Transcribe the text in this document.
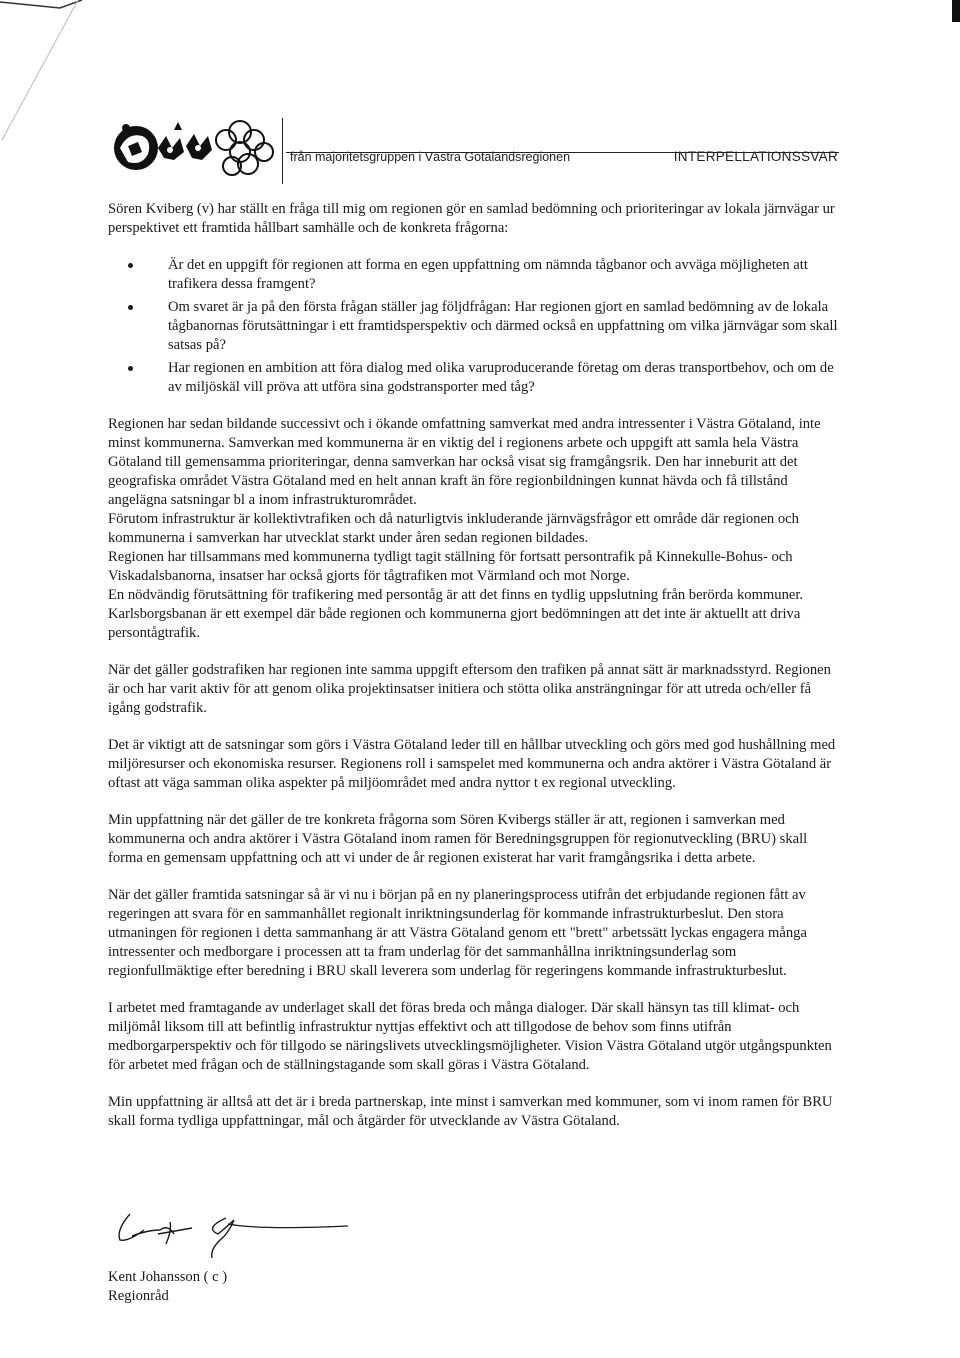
från majoritetsgruppen i Västra Götalandsregionen	INTERPELLATIONSSVAR

Sören Kviberg (v) har ställt en fråga till mig om regionen gör en samlad bedömning och prioriteringar av lokala järnvägar ur perspektivet ett framtida hållbart samhälle och de konkreta frågorna:

Är det en uppgift för regionen att forma en egen uppfattning om nämnda tågbanor och avväga möjligheten att trafikera dessa framgent?
Om svaret är ja på den första frågan ställer jag följdfrågan: Har regionen gjort en samlad bedömning av de lokala tågbanornas förutsättningar i ett framtidsperspektiv och därmed också en uppfattning om vilka järnvägar som skall satsas på?
Har regionen en ambition att föra dialog med olika varuproducerande företag om deras transportbehov, och om de av miljöskäl vill pröva att utföra sina godstransporter med tåg?

Regionen har sedan bildande successivt och i ökande omfattning samverkat med andra intressenter i Västra Götaland, inte minst kommunerna. Samverkan med kommunerna är en viktig del i regionens arbete och uppgift att samla hela Västra Götaland till gemensamma prioriteringar, denna samverkan har också visat sig framgångsrik. Den har inneburit att det geografiska området Västra Götaland med en helt annan kraft än före regionbildningen kunnat hävda och få tillstånd angelägna satsningar bl a inom infrastrukturområdet.

Förutom infrastruktur är kollektivtrafiken och då naturligtvis inkluderande järnvägsfrågor ett område där regionen och kommunerna i samverkan har utvecklat starkt under åren sedan regionen bildades.

Regionen har tillsammans med kommunerna tydligt tagit ställning för fortsatt persontrafik på Kinnekulle-Bohus- och Viskadalsbanorna, insatser har också gjorts för tågtrafiken mot Värmland och mot Norge.

En nödvändig förutsättning för trafikering med persontåg är att det finns en tydlig uppslutning från berörda kommuner. Karlsborgsbanan är ett exempel där både regionen och kommunerna gjort bedömningen att det inte är aktuellt att driva persontågtrafik.

När det gäller godstrafiken har regionen inte samma uppgift eftersom den trafiken på annat sätt är marknadsstyrd. Regionen är och har varit aktiv för att genom olika projektinsatser initiera och stötta olika ansträngningar för att utreda och/eller få igång godstrafik.

Det är viktigt att de satsningar som görs i Västra Götaland leder till en hållbar utveckling och görs med god hushållning med miljöresurser och ekonomiska resurser. Regionens roll i samspelet med kommunerna och andra aktörer i Västra Götaland är oftast att väga samman olika aspekter på miljöområdet med andra nyttor t ex regional utveckling.

Min uppfattning när det gäller de tre konkreta frågorna som Sören Kvibergs ställer är att, regionen i samverkan med kommunerna och andra aktörer i Västra Götaland inom ramen för Beredningsgruppen för regionutveckling (BRU) skall forma en gemensam uppfattning och att vi under de år regionen existerat har varit framgångsrika i detta arbete.

När det gäller framtida satsningar så är vi nu i början på en ny planeringsprocess utifrån det erbjudande regionen fått av regeringen att svara för en sammanhållet regionalt inriktningsunderlag för kommande infrastrukturbeslut. Den stora utmaningen för regionen i detta sammanhang är att Västra Götaland genom ett "brett" arbetssätt lyckas engagera många intressenter och medborgare i processen att ta fram underlag för det sammanhållna inriktningsunderlag som regionfullmäktige efter beredning i BRU skall leverera som underlag för regeringens kommande infrastrukturbeslut.

I arbetet med framtagande av underlaget skall det föras breda och många dialoger. Där skall hänsyn tas till klimat- och miljömål liksom till att befintlig infrastruktur nyttjas effektivt och att tillgodose de behov som finns utifrån medborgarperspektiv och för tillgodo se näringslivets utvecklingsmöjligheter. Vision Västra Götaland utgör utgångspunkten för arbetet med frågan och de ställningstagande som skall göras i Västra Götaland.

Min uppfattning är alltså att det är i breda partnerskap, inte minst i samverkan med kommuner, som vi inom ramen för BRU skall forma tydliga uppfattningar, mål och åtgärder för utvecklande av Västra Götaland.

Kent Johansson ( c )
Regionråd
